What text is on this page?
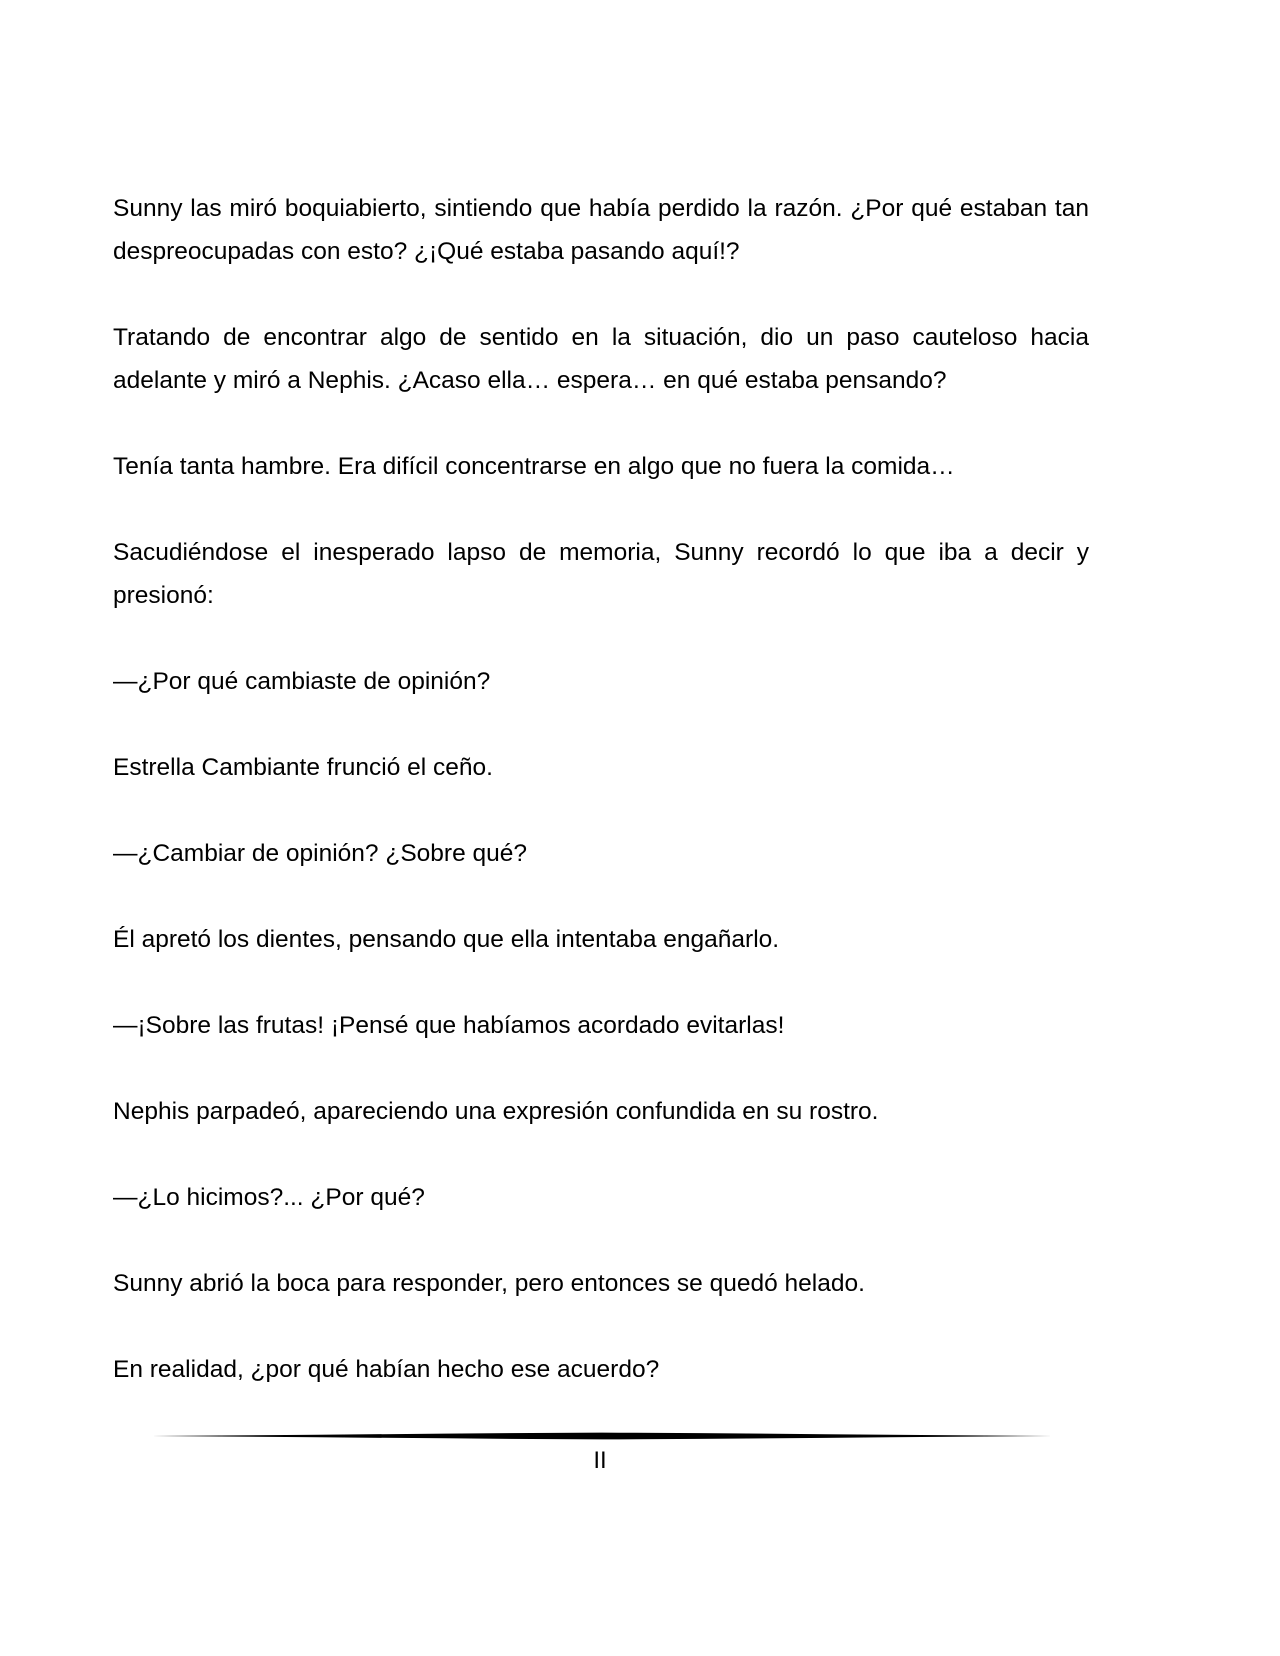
Sunny las miró boquiabierto, sintiendo que había perdido la razón. ¿Por qué estaban tan despreocupadas con esto? ¿¡Qué estaba pasando aquí!?

Tratando de encontrar algo de sentido en la situación, dio un paso cauteloso hacia adelante y miró a Nephis. ¿Acaso ella… espera… en qué estaba pensando?

Tenía tanta hambre. Era difícil concentrarse en algo que no fuera la comida…

Sacudiéndose el inesperado lapso de memoria, Sunny recordó lo que iba a decir y presionó:

—¿Por qué cambiaste de opinión?

Estrella Cambiante frunció el ceño.

—¿Cambiar de opinión? ¿Sobre qué?

Él apretó los dientes, pensando que ella intentaba engañarlo.

—¡Sobre las frutas! ¡Pensé que habíamos acordado evitarlas!

Nephis parpadeó, apareciendo una expresión confundida en su rostro.

—¿Lo hicimos?... ¿Por qué?

Sunny abrió la boca para responder, pero entonces se quedó helado.

En realidad, ¿por qué habían hecho ese acuerdo?

II
